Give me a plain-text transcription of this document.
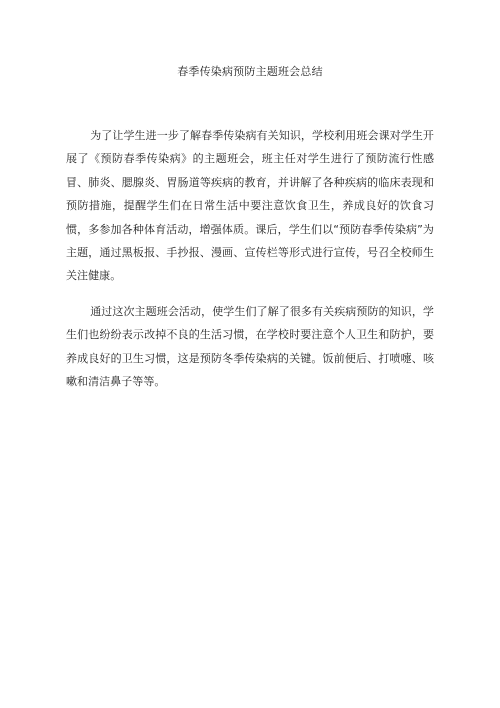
春季传染病预防主题班会总结

为了让学生进一步了解春季传染病有关知识，学校利用班会课对学生开展了《预防春季传染病》的主题班会，班主任对学生进行了预防流行性感冒、肺炎、腮腺炎、胃肠道等疾病的教育，并讲解了各种疾病的临床表现和预防措施，提醒学生们在日常生活中要注意饮食卫生，养成良好的饮食习惯，多参加各种体育活动，增强体质。课后，学生们以“预防春季传染病”为主题，通过黑板报、手抄报、漫画、宣传栏等形式进行宣传，号召全校师生关注健康。

通过这次主题班会活动，使学生们了解了很多有关疾病预防的知识，学生们也纷纷表示改掉不良的生活习惯，在学校时要注意个人卫生和防护，要养成良好的卫生习惯，这是预防冬季传染病的关键。饭前便后、打喷嚏、咳嗽和清洁鼻子等等。
